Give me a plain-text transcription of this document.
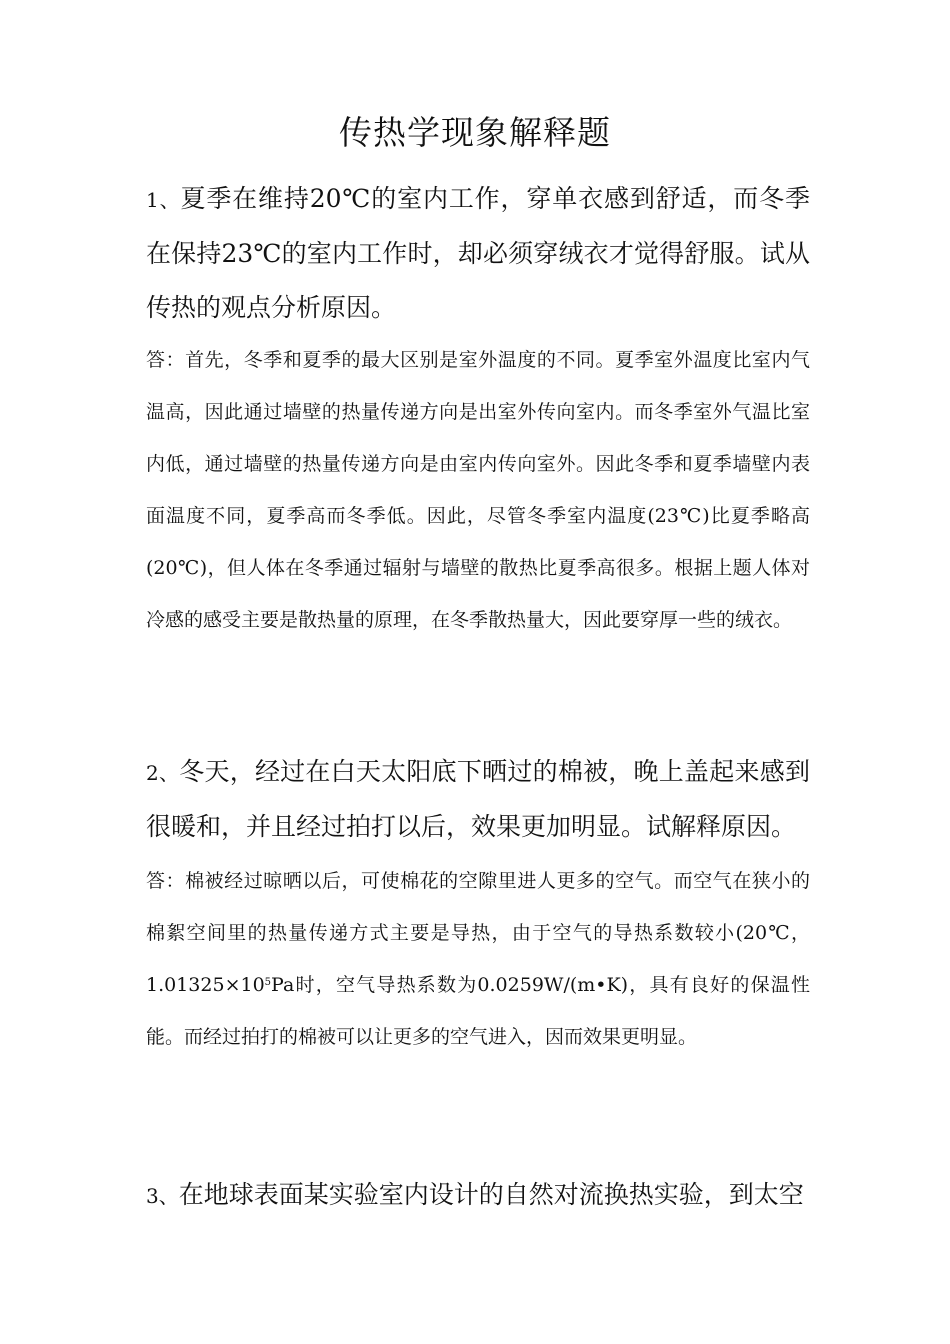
传热学现象解释题

1、夏季在维持20℃的室内工作，穿单衣感到舒适，而冬季在保持23℃的室内工作时，却必须穿绒衣才觉得舒服。试从传热的观点分析原因。

答：首先，冬季和夏季的最大区别是室外温度的不同。夏季室外温度比室内气温高，因此通过墙壁的热量传递方向是出室外传向室内。而冬季室外气温比室内低，通过墙壁的热量传递方向是由室内传向室外。因此冬季和夏季墙壁内表面温度不同，夏季高而冬季低。因此，尽管冬季室内温度(23℃)比夏季略高(20℃)，但人体在冬季通过辐射与墙壁的散热比夏季高很多。根据上题人体对冷感的感受主要是散热量的原理，在冬季散热量大，因此要穿厚一些的绒衣。

2、冬天，经过在白天太阳底下晒过的棉被，晚上盖起来感到很暖和，并且经过拍打以后，效果更加明显。试解释原因。

答：棉被经过晾晒以后，可使棉花的空隙里进人更多的空气。而空气在狭小的棉絮空间里的热量传递方式主要是导热，由于空气的导热系数较小(20℃，$1.01325\times 10^5Pa$时，空气导热系数为0.0259W/(m•K)，具有良好的保温性能。而经过拍打的棉被可以让更多的空气进入，因而效果更明显。

3、在地球表面某实验室内设计的自然对流换热实验，到太空
